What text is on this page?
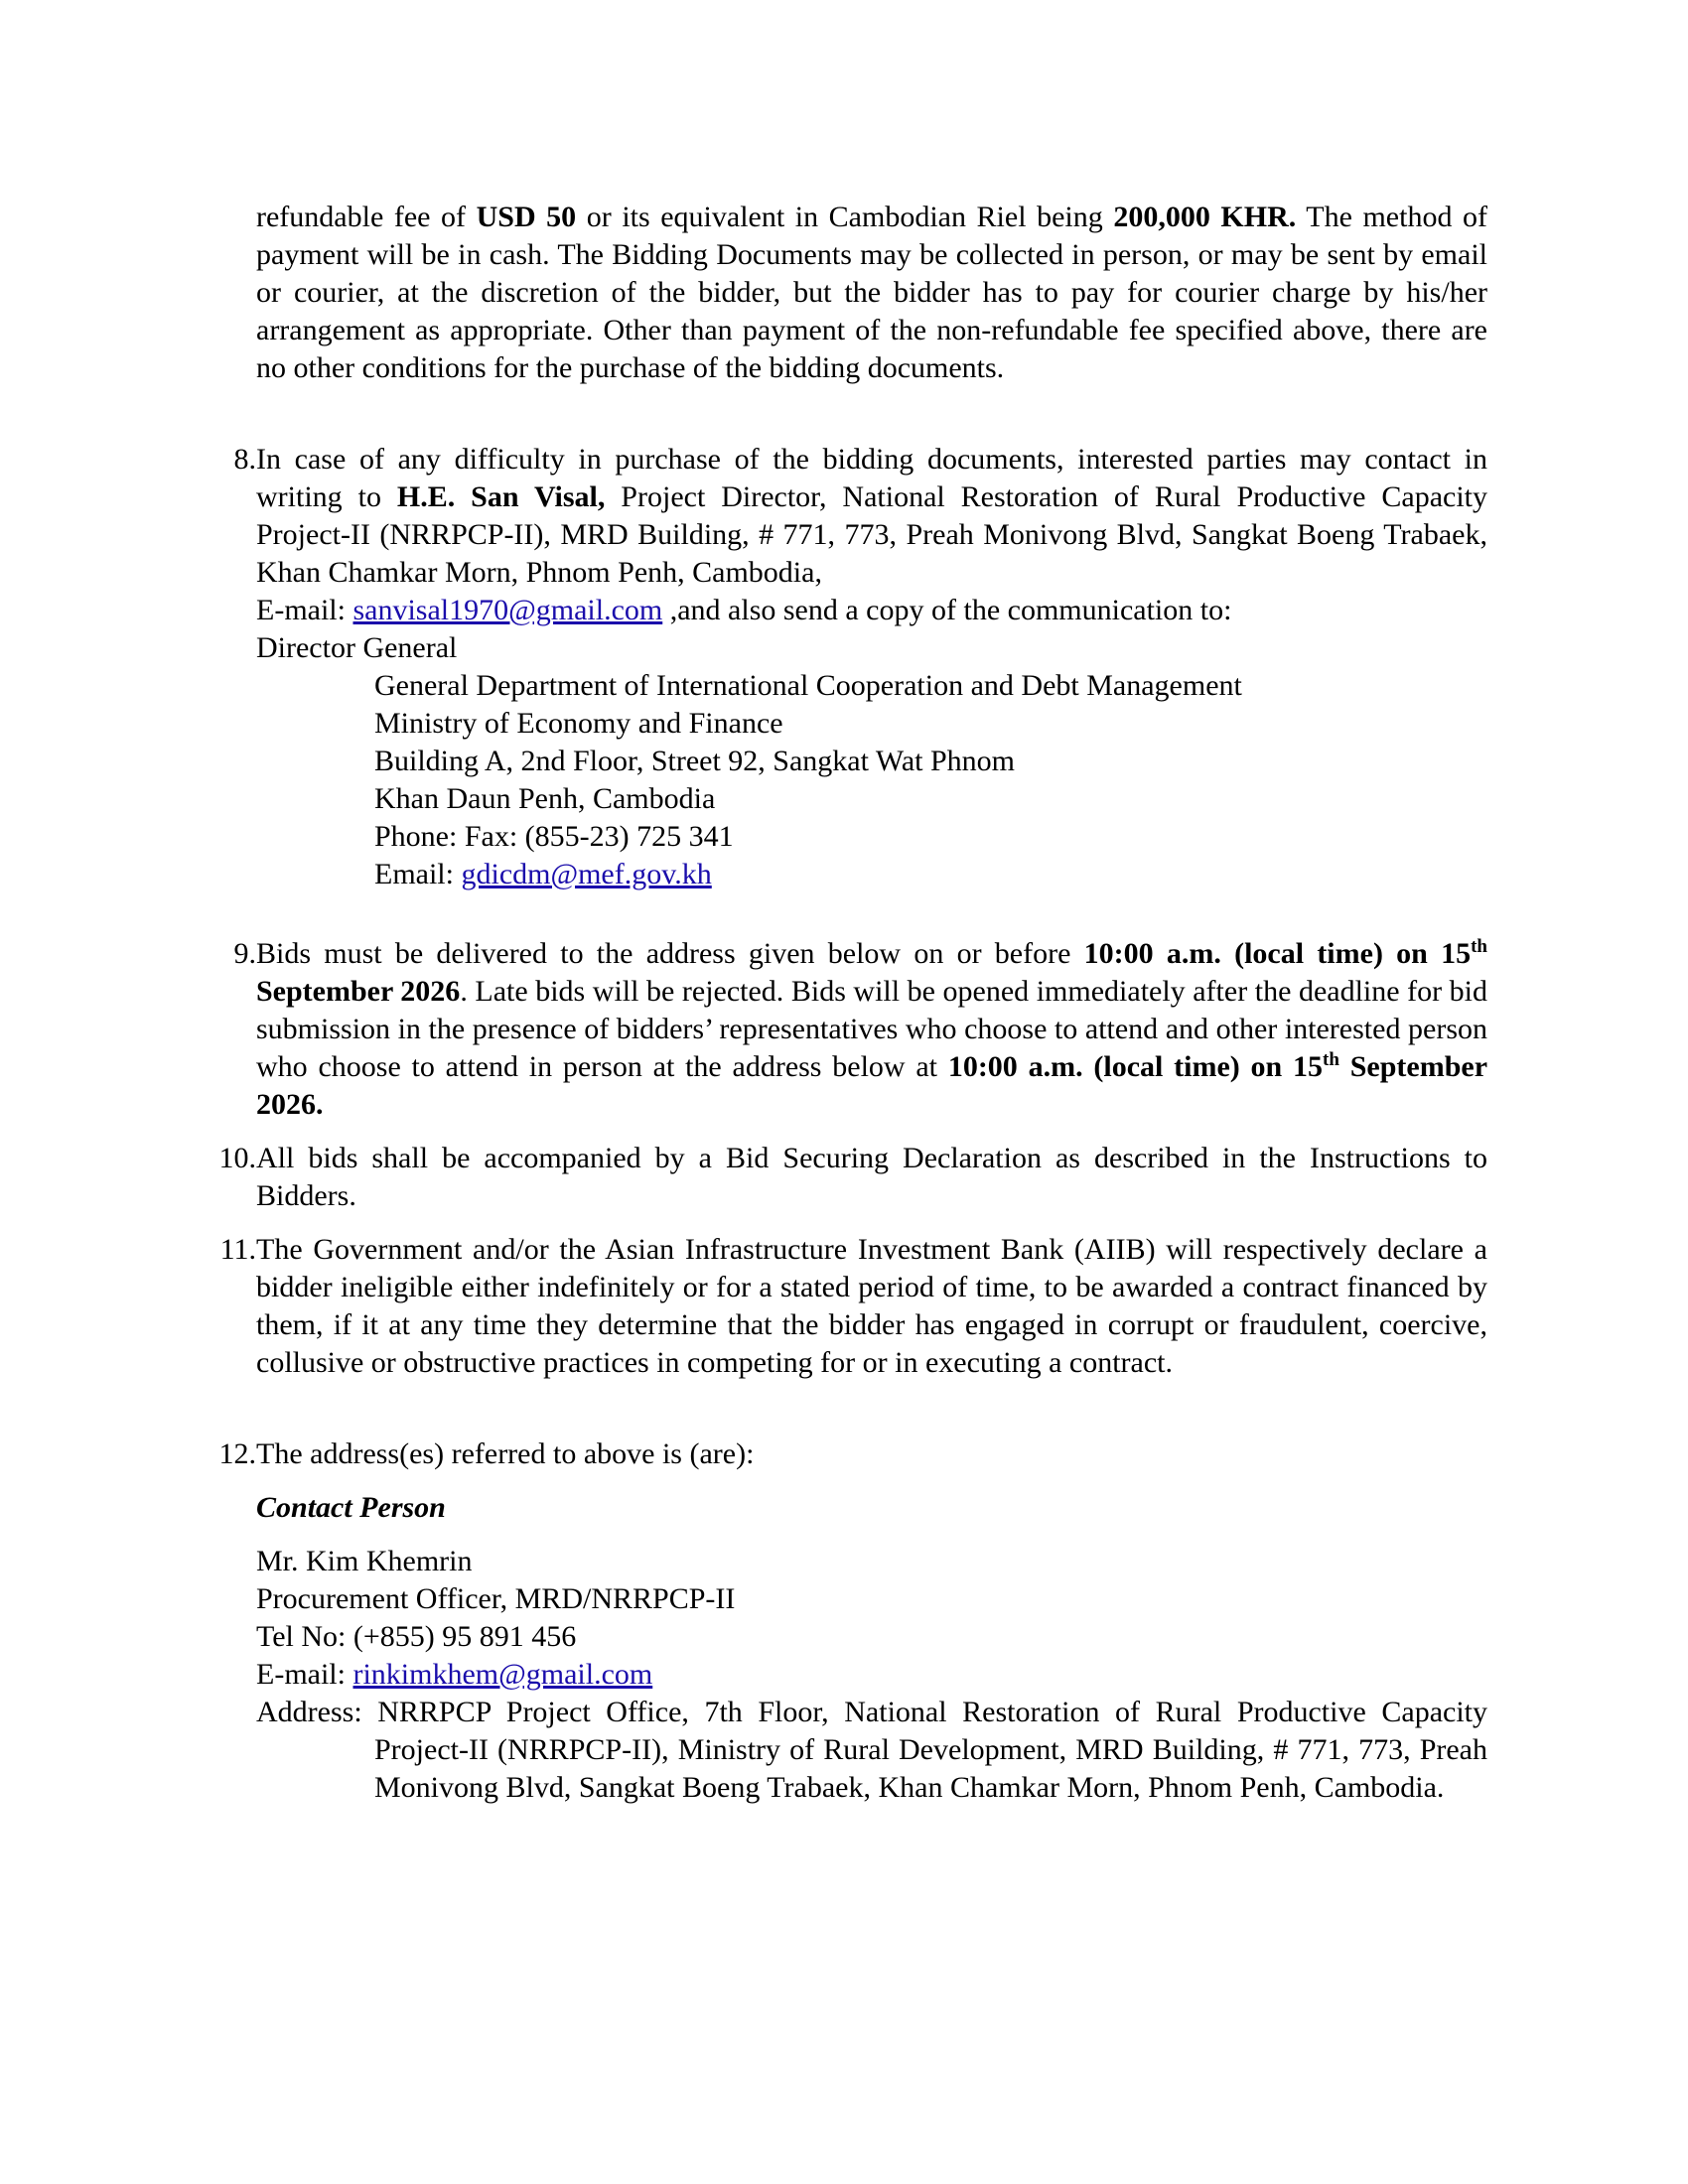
refundable fee of USD 50 or its equivalent in Cambodian Riel being 200,000 KHR. The method of payment will be in cash. The Bidding Documents may be collected in person, or may be sent by email or courier, at the discretion of the bidder, but the bidder has to pay for courier charge by his/her arrangement as appropriate. Other than payment of the non-refundable fee specified above, there are no other conditions for the purchase of the bidding documents.

8. In case of any difficulty in purchase of the bidding documents, interested parties may contact in writing to H.E. San Visal, Project Director, National Restoration of Rural Productive Capacity Project-II (NRRPCP-II), MRD Building, # 771, 773, Preah Monivong Blvd, Sangkat Boeng Trabaek, Khan Chamkar Morn, Phnom Penh, Cambodia,

E-mail: sanvisal1970@gmail.com ,and also send a copy of the communication to:

Director General

General Department of International Cooperation and Debt Management

Ministry of Economy and Finance

Building A, 2nd Floor, Street 92, Sangkat Wat Phnom

Khan Daun Penh, Cambodia

Phone: Fax: (855-23) 725 341

Email: gdicdm@mef.gov.kh

9. Bids must be delivered to the address given below on or before 10:00 a.m. (local time) on 15th September 2026. Late bids will be rejected. Bids will be opened immediately after the deadline for bid submission in the presence of bidders’ representatives who choose to attend and other interested person who choose to attend in person at the address below at 10:00 a.m. (local time) on 15th September 2026.

10. All bids shall be accompanied by a Bid Securing Declaration as described in the Instructions to Bidders.

11. The Government and/or the Asian Infrastructure Investment Bank (AIIB) will respectively declare a bidder ineligible either indefinitely or for a stated period of time, to be awarded a contract financed by them, if it at any time they determine that the bidder has engaged in corrupt or fraudulent, coercive, collusive or obstructive practices in competing for or in executing a contract.

12. The address(es) referred to above is (are):

Contact Person

Mr. Kim Khemrin

Procurement Officer, MRD/NRRPCP-II

Tel No: (+855) 95 891 456

E-mail: rinkimkhem@gmail.com

Address: NRRPCP Project Office, 7th Floor, National Restoration of Rural Productive Capacity Project-II (NRRPCP-II), Ministry of Rural Development, MRD Building, # 771, 773, Preah Monivong Blvd, Sangkat Boeng Trabaek, Khan Chamkar Morn, Phnom Penh, Cambodia.
